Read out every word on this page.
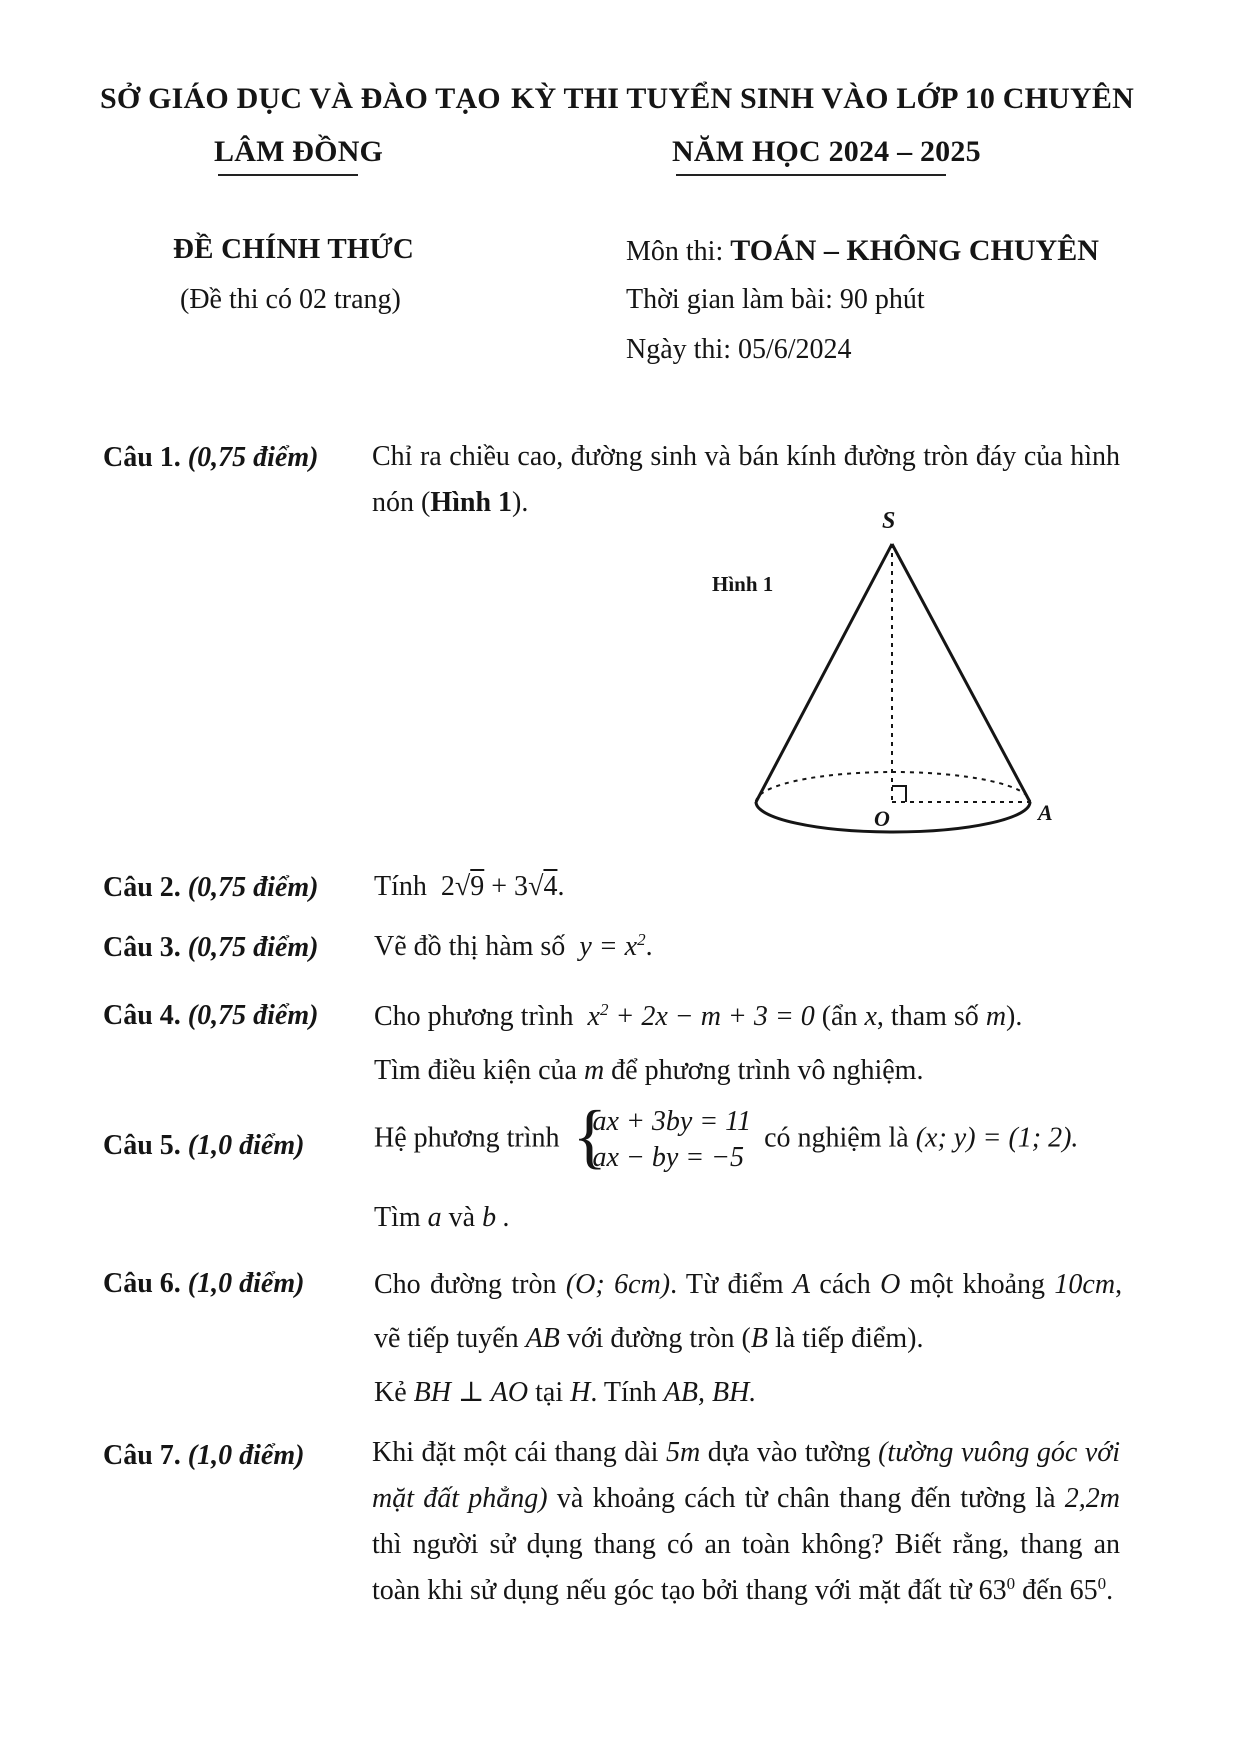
SỞ GIÁO DỤC VÀ ĐÀO TẠO
LÂM ĐỒNG
KỲ THI TUYỂN SINH VÀO LỚP 10 CHUYÊN
NĂM HỌC 2024 – 2025
ĐỀ CHÍNH THỨC
(Đề thi có 02 trang)
Môn thi: TOÁN – KHÔNG CHUYÊN
Thời gian làm bài: 90 phút
Ngày thi: 05/6/2024
Câu 1. (0,75 điểm) Chỉ ra chiều cao, đường sinh và bán kính đường tròn đáy của hình nón (Hình 1).
S
O	A
Hình 1
Câu 2. (0,75 điểm) Tính 2√9 + 3√4.
Câu 3. (0,75 điểm) Vẽ đồ thị hàm số $y = x^2$.
Câu 4. (0,75 điểm) Cho phương trình $x^2 + 2x - m + 3 = 0$ (ẩn x, tham số m).
Tìm điều kiện của m để phương trình vô nghiệm.
Câu 5. (1,0 điểm) Hệ phương trình {
ax + 3by = 11
ax − by = −5 có nghiệm là (x; y) = (1; 2).
Tìm a và b .
Câu 6. (1,0 điểm) Cho đường tròn (O; 6cm). Từ điểm A cách O một khoảng 10cm, vẽ tiếp tuyến AB với đường tròn (B là tiếp điểm).
Kẻ BH ⊥ AO tại H. Tính AB, BH.
Câu 7. (1,0 điểm) Khi đặt một cái thang dài 5m dựa vào tường (tường vuông góc với mặt đất phẳng) và khoảng cách từ chân thang đến tường là 2,2m thì người sử dụng thang có an toàn không? Biết rằng, thang an toàn khi sử dụng nếu góc tạo bởi thang với mặt đất từ $63^0$ đến $65^0$.
